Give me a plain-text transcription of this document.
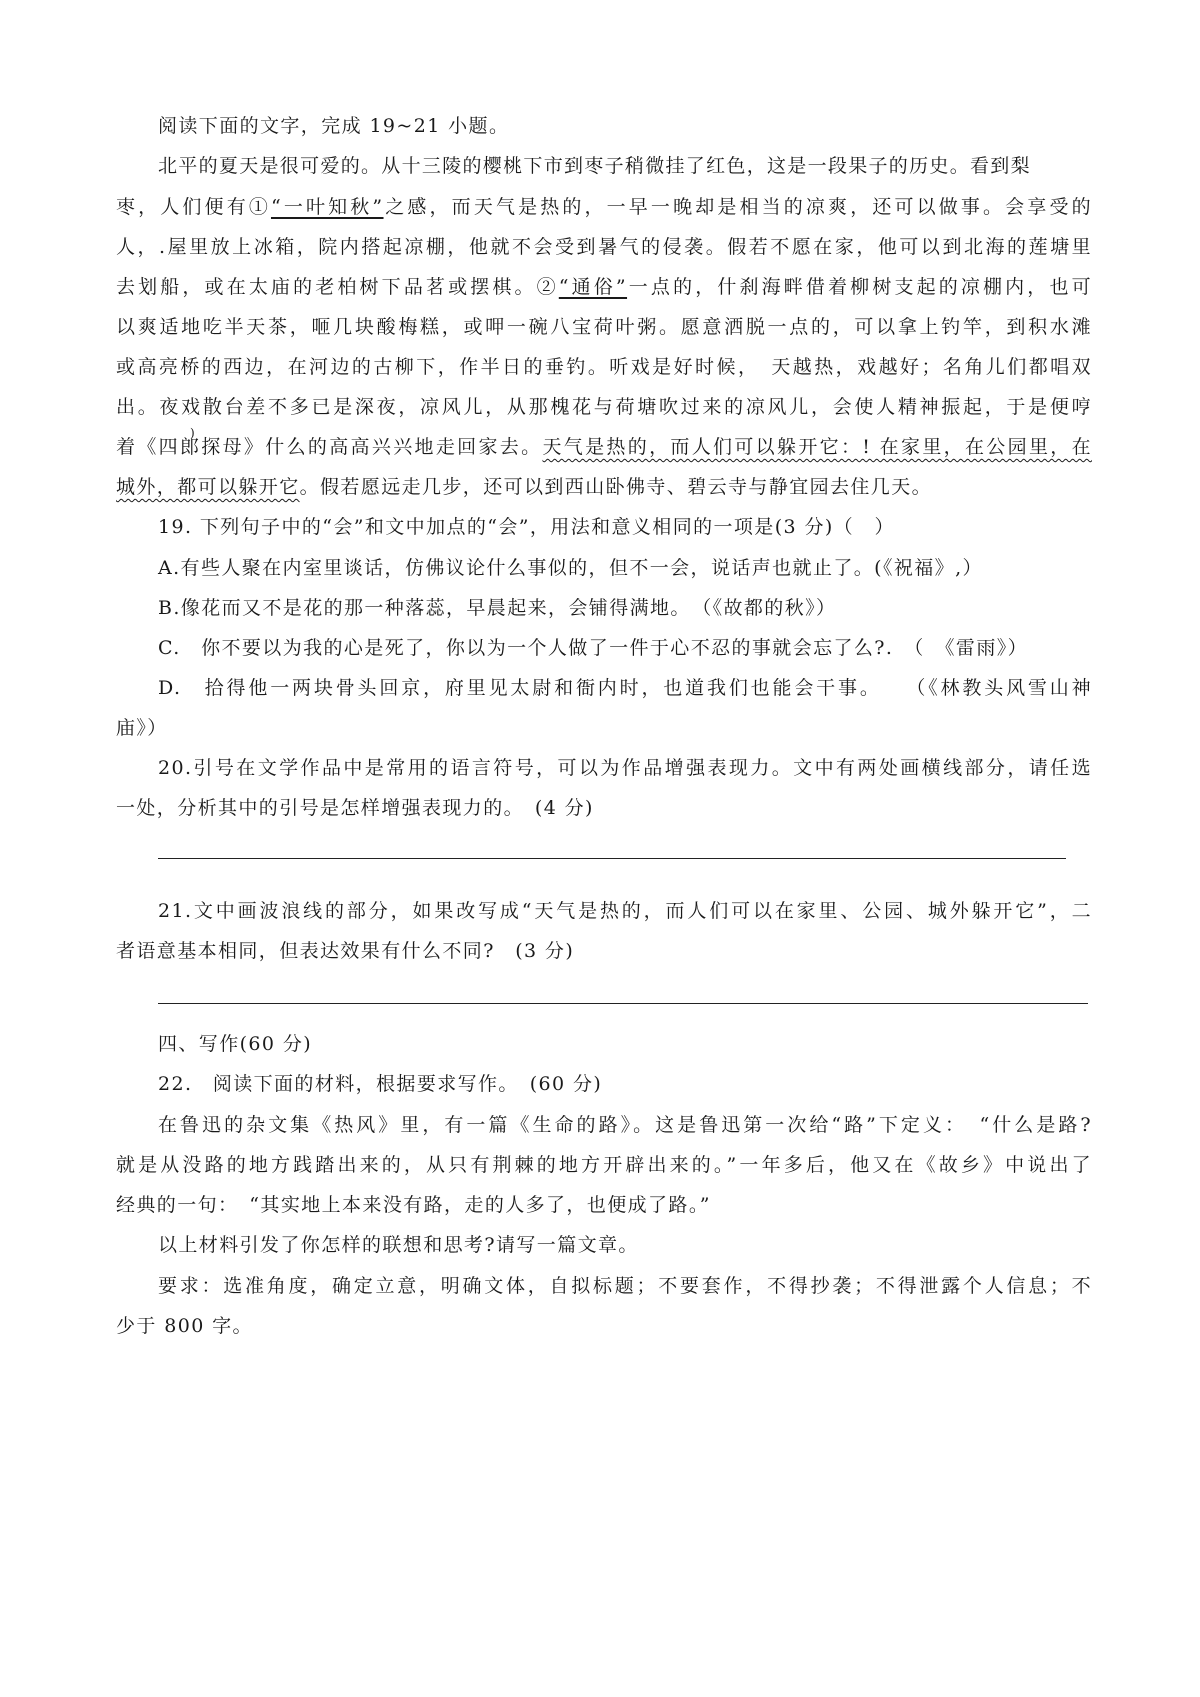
阅读下面的文字，完成 19~21 小题。
北平的夏天是很可爱的。从十三陵的樱桃下市到枣子稍微挂了红色，这是一段果子的历史。看到梨
枣，人们便有①“一叶知秋”之感，而天气是热的，一早一晚却是相当的凉爽，还可以做事。会享受的
人，.屋里放上冰箱，院内搭起凉棚，他就不会受到暑气的侵袭。假若不愿在家，他可以到北海的莲塘里
去划船，或在太庙的老柏树下品茗或摆棋。②“通俗”一点的，什刹海畔借着柳树支起的凉棚内，也可
以爽适地吃半天茶，咂几块酸梅糕，或呷一碗八宝荷叶粥。愿意洒脱一点的，可以拿上钓竿，到积水滩
或高亮桥的西边，在河边的古柳下，作半日的垂钓。听戏是好时候，　天越热，戏越好；名角儿们都唱双
出。夜戏散台差不多已是深夜，凉风儿，从那槐花与荷塘吹过来的凉风儿，会使人精神振起，于是便哼
)
着《四郎探母》什么的高高兴兴地走回家去。天气是热的，而人们可以躲开它：! 在家里，在公园里，在
城外，都可以躲开它。假若愿远走几步，还可以到西山卧佛寺、碧云寺与静宜园去住几天。
19. 下列句子中的“会”和文中加点的“会”，用法和意义相同的一项是(3 分)（　）
A.有些人聚在内室里谈话，仿佛议论什么事似的，但不一会，说话声也就止了。(《祝福》,）
B.像花而又不是花的那一种落蕊，早晨起来，会铺得满地。　（《故都的秋》）
C.　你不要以为我的心是死了，你以为一个人做了一件于心不忍的事就会忘了么?.　（　《雷雨》）
D.　拾得他一两块骨头回京，府里见太尉和衙内时，也道我们也能会干事。　　（《林教头风雪山神
庙》）
20.引号在文学作品中是常用的语言符号，可以为作品增强表现力。文中有两处画横线部分，请任选
一处，分析其中的引号是怎样增强表现力的。　(4 分)
21.文中画波浪线的部分，如果改写成“天气是热的，而人们可以在家里、公园、城外躲开它”，二
者语意基本相同，但表达效果有什么不同?　(3 分)
四、写作(60 分)
22.　阅读下面的材料，根据要求写作。　(60 分)
在鲁迅的杂文集《热风》里，有一篇《生命的路》。这是鲁迅第一次给“路”下定义：　“什么是路?
就是从没路的地方践踏出来的，从只有荆棘的地方开辟出来的。”一年多后，他又在《故乡》中说出了
经典的一句：　“其实地上本来没有路，走的人多了，也便成了路。”
以上材料引发了你怎样的联想和思考?请写一篇文章。
要求：选准角度，确定立意，明确文体，自拟标题；不要套作，不得抄袭；不得泄露个人信息；不
少于 800 字。
